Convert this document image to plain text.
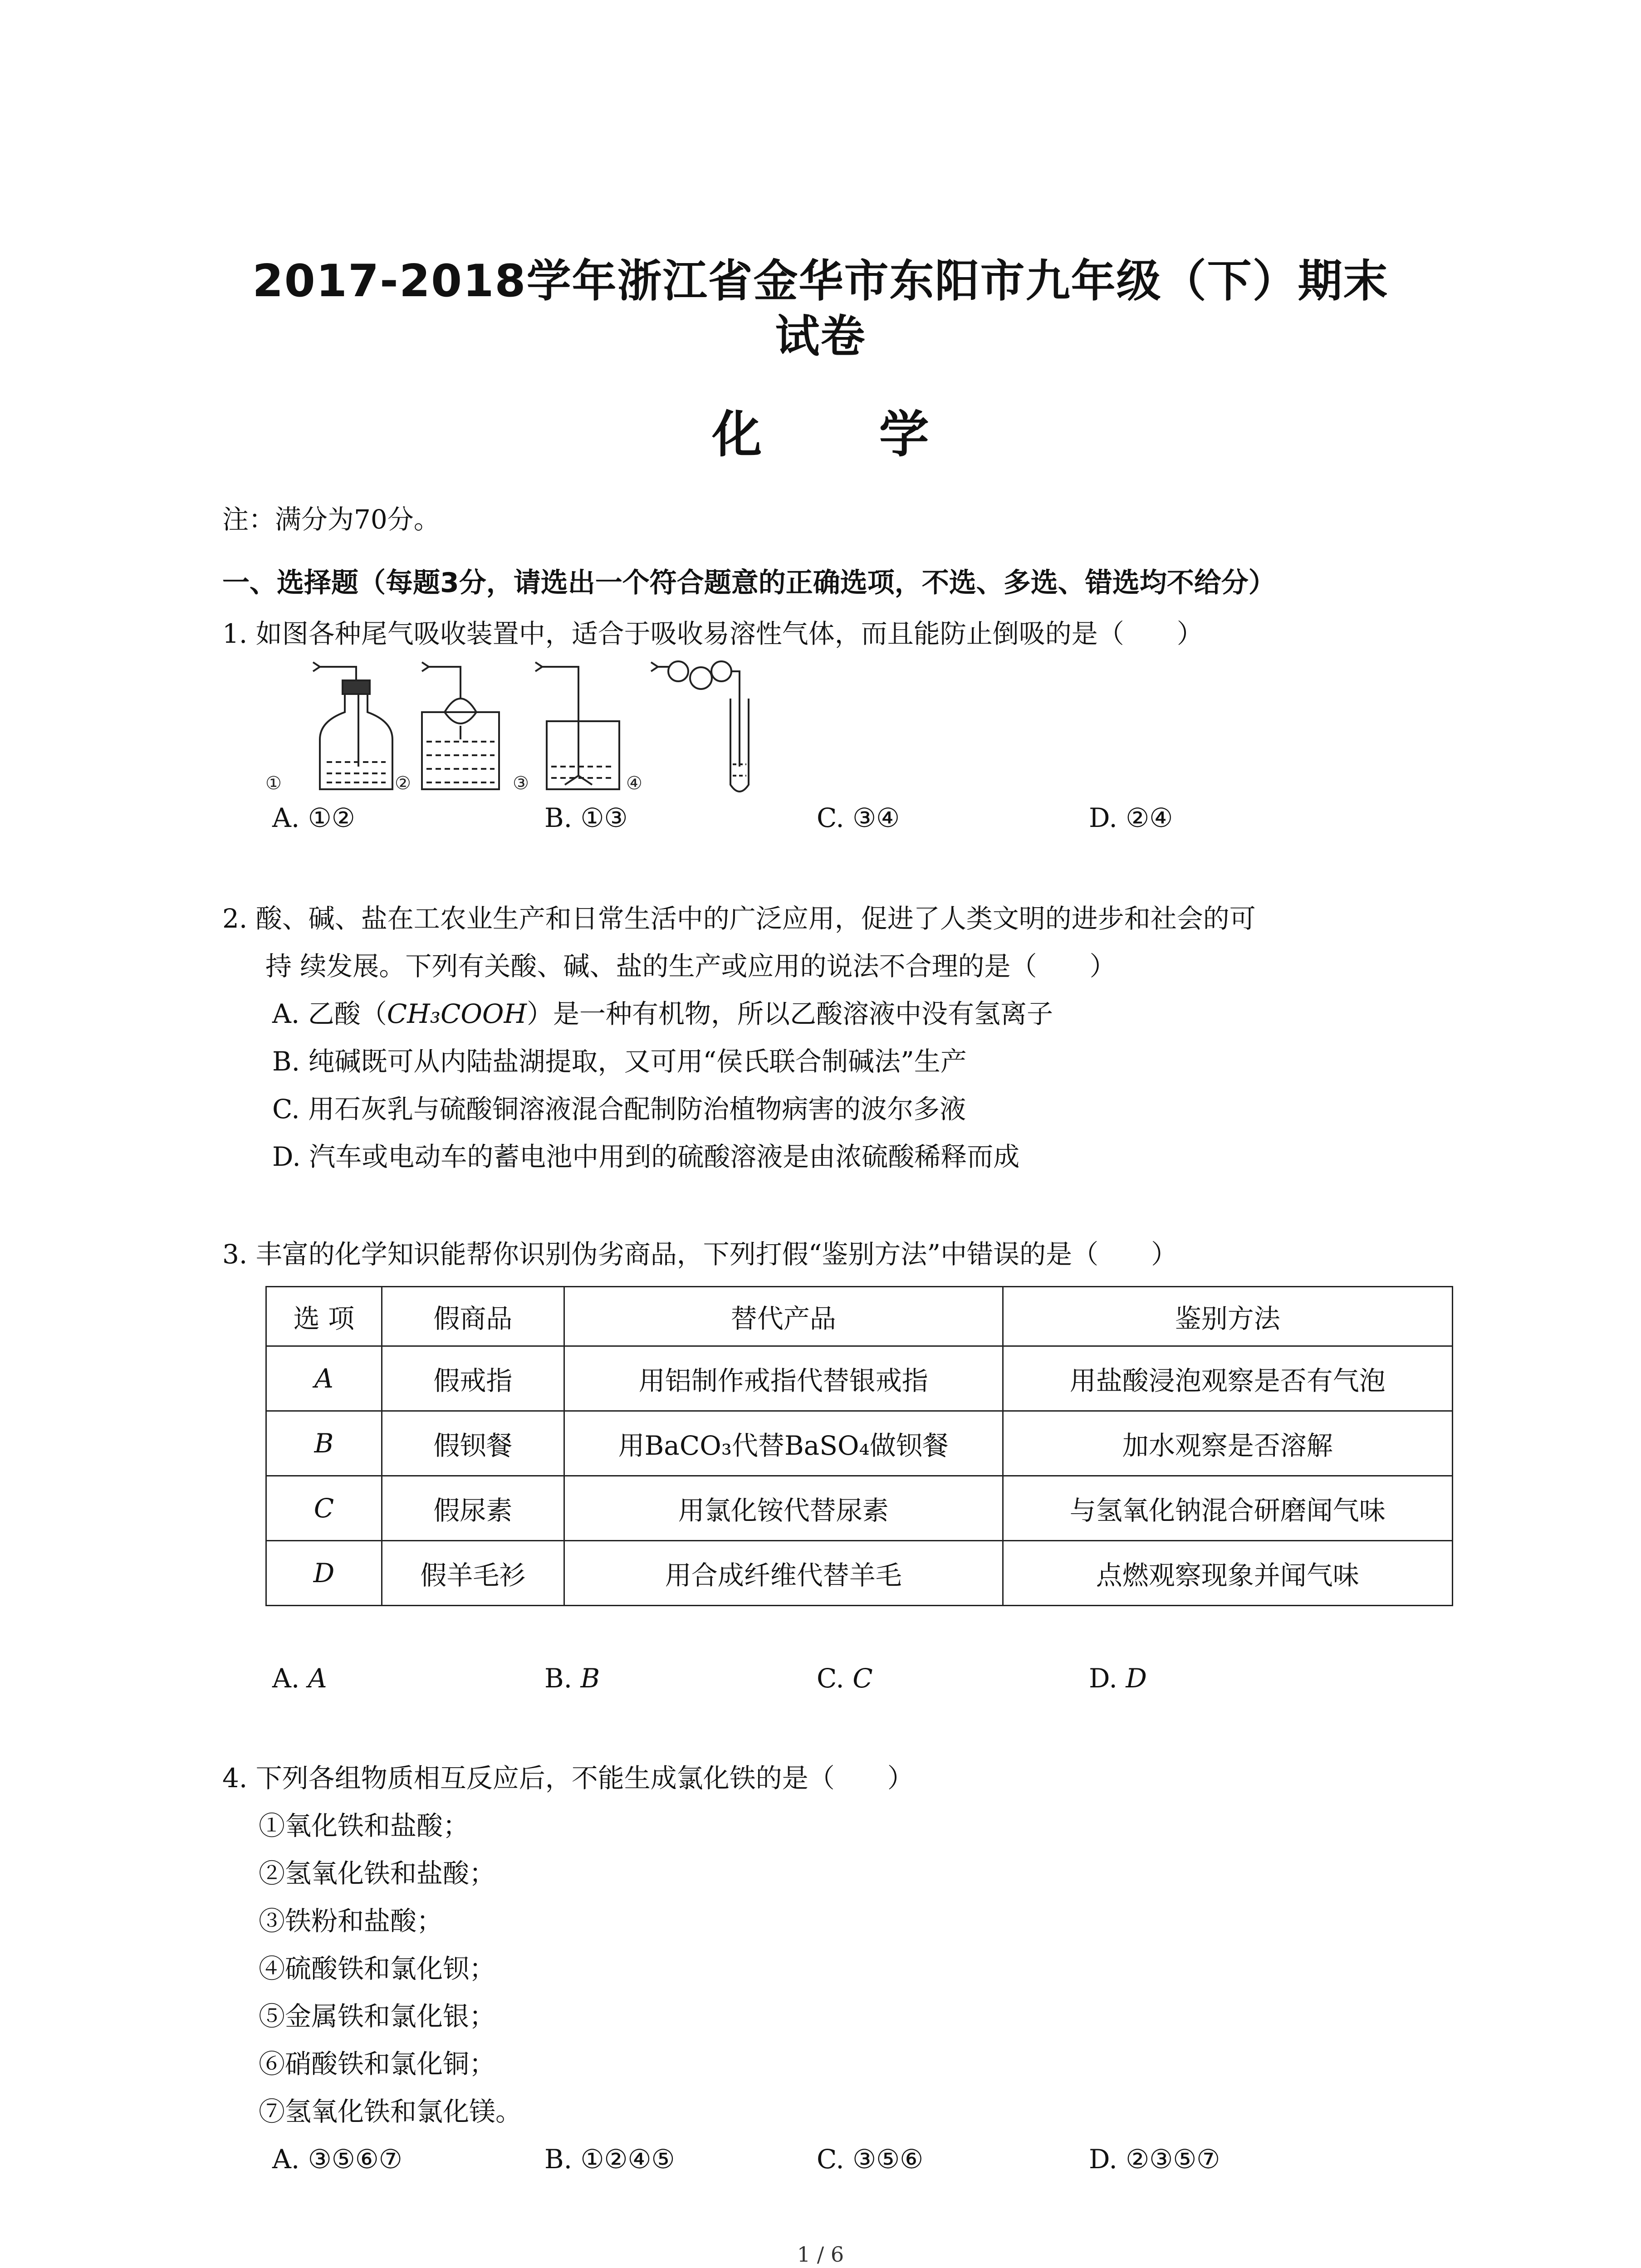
2017-2018学年浙江省金华市东阳市九年级（下）期末
试卷
化 学
注：满分为70分。
一、选择题（每题3分，请选出一个符合题意的正确选项，不选、多选、错选均不给分）
1. 如图各种尾气吸收装置中，适合于吸收易溶性气体，而且能防止倒吸的是（　　）
①	②	③	④
A. ①②	B. ①③	C. ③④	D. ②④
2. 酸、碱、盐在工农业生产和日常生活中的广泛应用，促进了人类文明的进步和社会的可
持 续发展。下列有关酸、碱、盐的生产或应用的说法不合理的是（　　）
A. 乙酸（CH₃COOH）是一种有机物，所以乙酸溶液中没有氢离子
B. 纯碱既可从内陆盐湖提取，又可用“侯氏联合制碱法”生产
C. 用石灰乳与硫酸铜溶液混合配制防治植物病害的波尔多液
D. 汽车或电动车的蓄电池中用到的硫酸溶液是由浓硫酸稀释而成
3. 丰富的化学知识能帮你识别伪劣商品，下列打假“鉴别方法”中错误的是（　　）
选 项	假商品	替代产品	鉴别方法
A	假戒指	用铝制作戒指代替银戒指	用盐酸浸泡观察是否有气泡
B	假钡餐	用BaCO₃代替BaSO₄做钡餐	加水观察是否溶解
C	假尿素	用氯化铵代替尿素	与氢氧化钠混合研磨闻气味
D	假羊毛衫	用合成纤维代替羊毛	点燃观察现象并闻气味
A. A	B. B	C. C	D. D
4. 下列各组物质相互反应后，不能生成氯化铁的是（　　）
①氧化铁和盐酸；
②氢氧化铁和盐酸；
③铁粉和盐酸；
④硫酸铁和氯化钡；
⑤金属铁和氯化银；
⑥硝酸铁和氯化铜；
⑦氢氧化铁和氯化镁。
A. ③⑤⑥⑦	B. ①②④⑤	C. ③⑤⑥	D. ②③⑤⑦
1 / 6
